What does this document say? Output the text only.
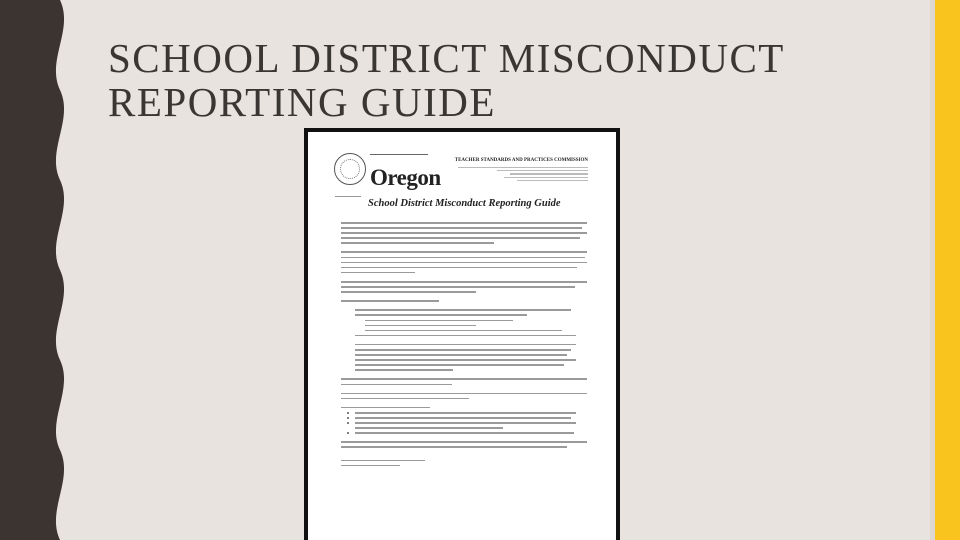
SCHOOL DISTRICT MISCONDUCT
REPORTING GUIDE
Oregon
TEACHER STANDARDS AND PRACTICES COMMISSION
School District Misconduct Reporting Guide
